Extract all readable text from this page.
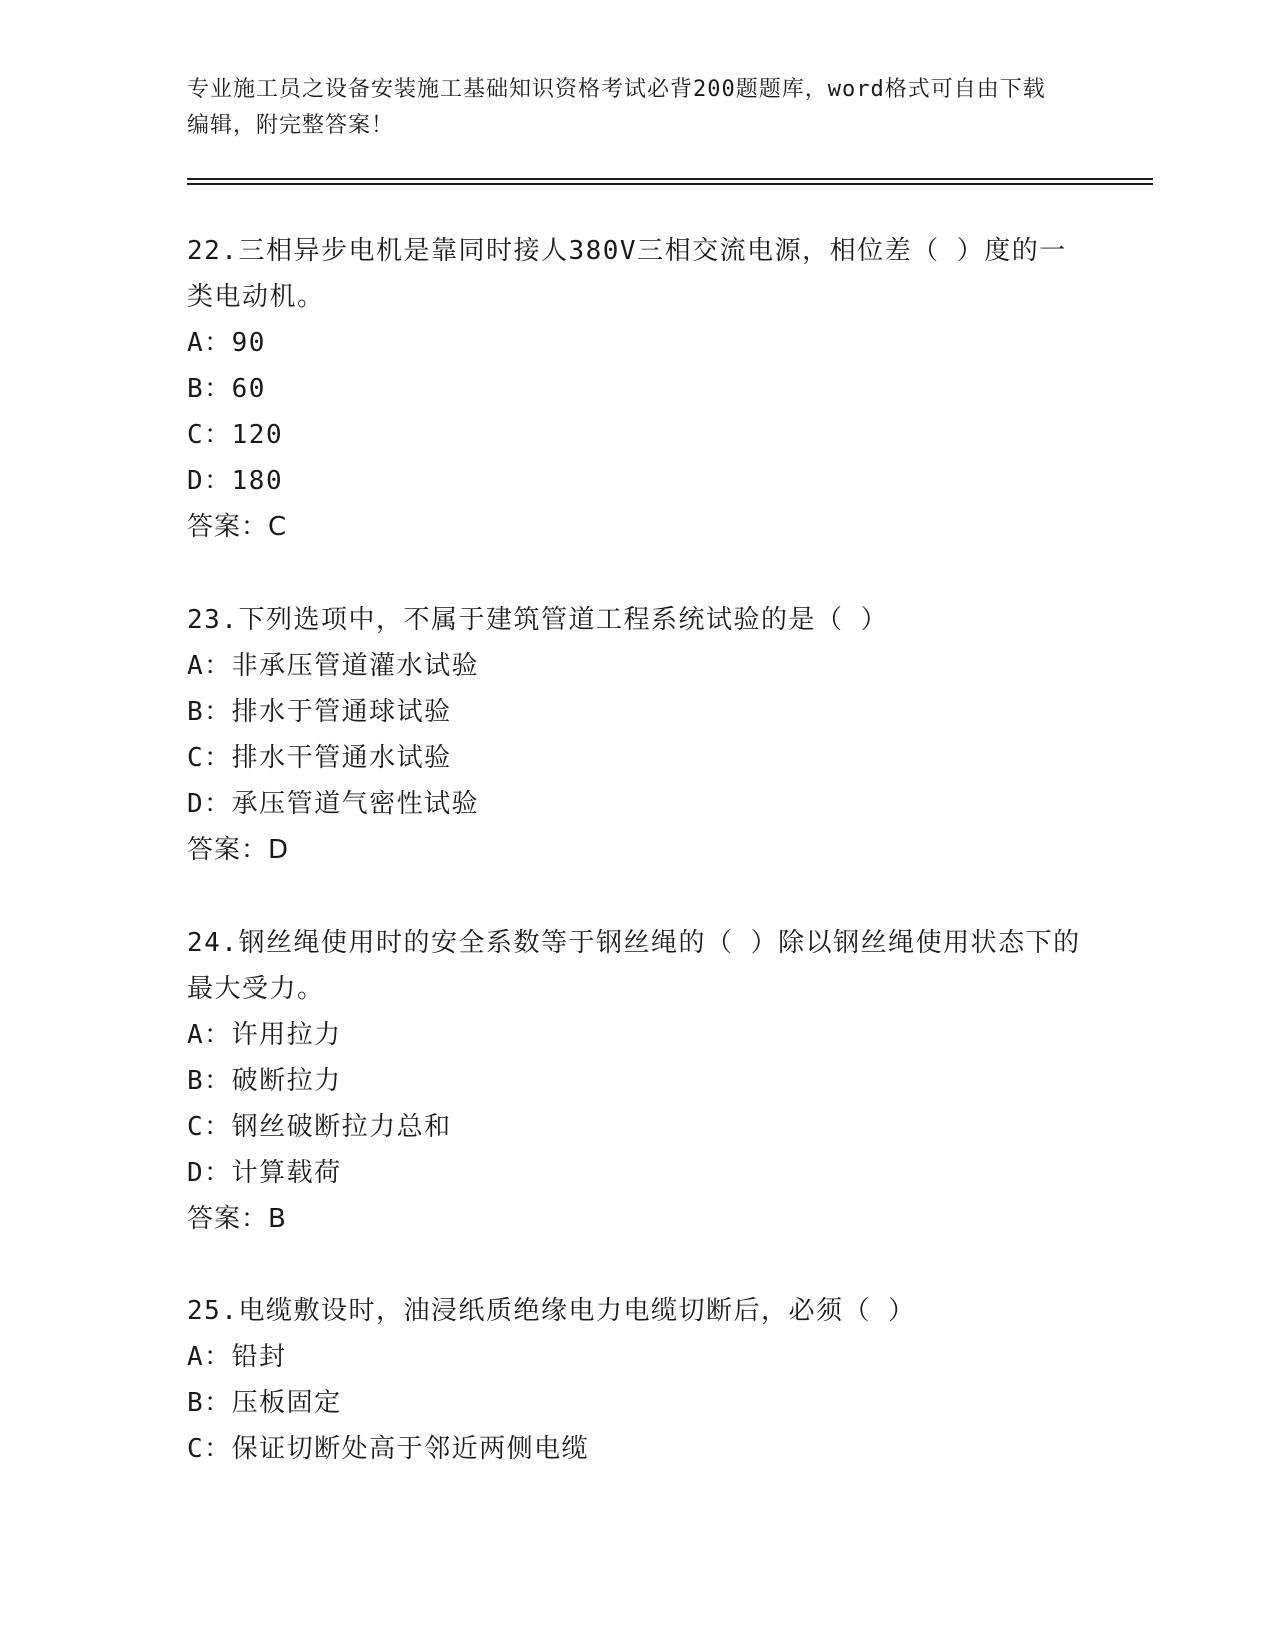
专业施工员之设备安装施工基础知识资格考试必背200题题库，word格式可自由下载编辑，附完整答案！

22.三相异步电机是靠同时接人380V三相交流电源，相位差（ ）度的一类电动机。

A：90

B：60

C：120

D：180

答案：C

23.下列选项中，不属于建筑管道工程系统试验的是（ ）

A：非承压管道灌水试验

B：排水于管通球试验

C：排水干管通水试验

D：承压管道气密性试验

答案：D

24.钢丝绳使用时的安全系数等于钢丝绳的（ ）除以钢丝绳使用状态下的最大受力。

A：许用拉力

B：破断拉力

C：钢丝破断拉力总和

D：计算载荷

答案：B

25.电缆敷设时，油浸纸质绝缘电力电缆切断后，必须（ ）

A：铅封

B：压板固定

C：保证切断处高于邻近两侧电缆
